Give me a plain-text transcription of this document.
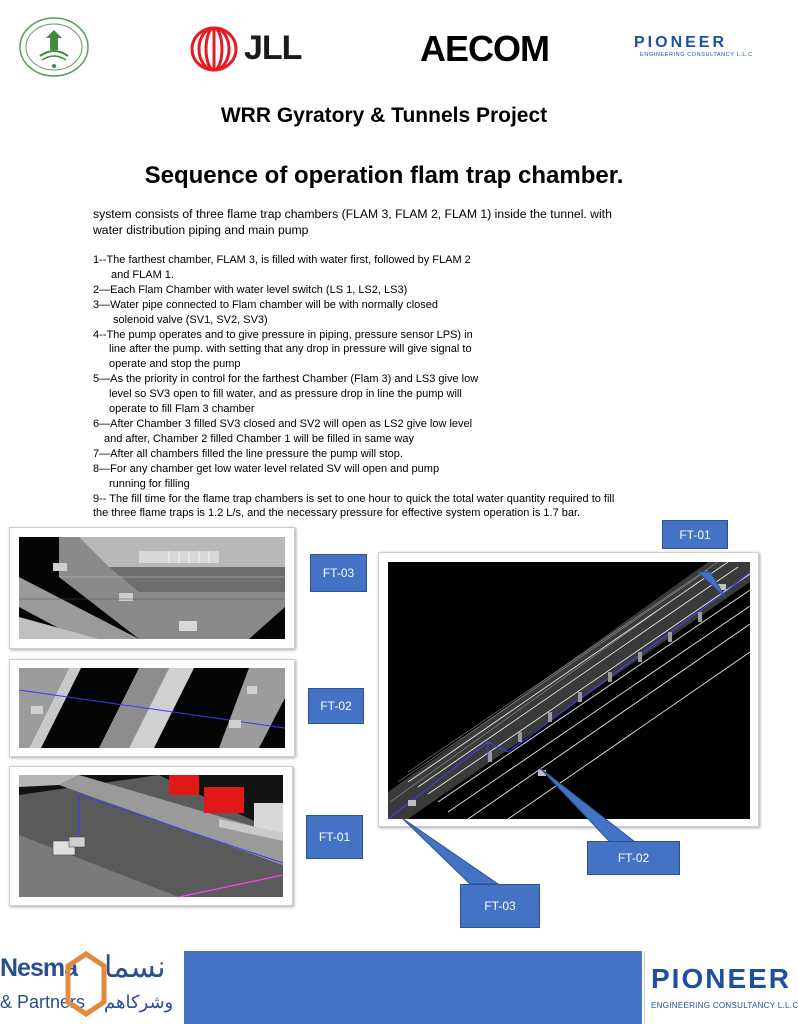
JLL	AECOM	PIONEER
ENGINEERING CONSULTANCY L.L.C
WRR Gyratory & Tunnels Project
Sequence of operation flam trap chamber.
system consists of three flame trap chambers (FLAM 3, FLAM 2, FLAM 1) inside the tunnel. with
water distribution piping and main pump
1--The farthest chamber, FLAM 3, is filled with water first, followed by FLAM 2
and FLAM 1.
2—Each Flam Chamber with water level switch (LS 1, LS2, LS3)
3—Water pipe connected to Flam chamber will be with normally closed
solenoid valve (SV1, SV2, SV3)
4--The pump operates and to give pressure in piping, pressure sensor LPS) in
line after the pump. with setting that any drop in pressure will give signal to
operate and stop the pump
5—As the priority in control for the farthest Chamber (Flam 3) and LS3 give low
level so SV3 open to fill water, and as pressure drop in line the pump will
operate to fill Flam 3 chamber
6—After Chamber 3 filled SV3 closed and SV2 will open as LS2 give low level
and after, Chamber 2 filled Chamber 1 will be filled in same way
7—After all chambers filled the line pressure the pump will stop.
8—For any chamber get low water level related SV will open and pump
running for filling
9-- The fill time for the flame trap chambers is set to one hour to quick the total water quantity required to fill
the three flame traps is 1.2 L/s, and the necessary pressure for effective system operation is 1.7 bar.
FT-03
FT-02
FT-01
FT-01
FT-02
FT-03
Nesma
& Partners
نسما
وشركاهم
PIONEER
ENGINEERING CONSULTANCY L.L.C
